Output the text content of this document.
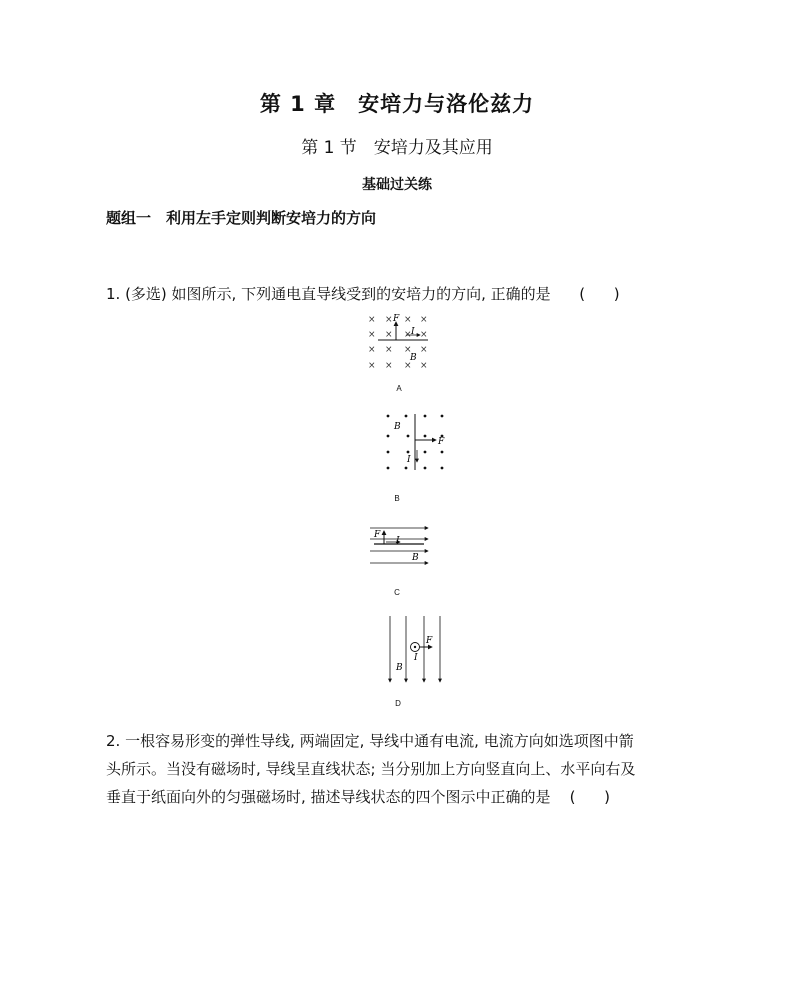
第 1 章　安培力与洛伦兹力
第 1 节　安培力及其应用
基础过关练
题组一　利用左手定则判断安培力的方向
1. (多选) 如图所示, 下列通电直导线受到的安培力的方向, 正确的是      (      )
× × × ×
× × × ×
× × × ×
× × × ×
F
I
B
A
F
I
B
B
F
I
B
C
F
I
B
D

2. 一根容易形变的弹性导线, 两端固定, 导线中通有电流, 电流方向如选项图中箭

头所示。当没有磁场时, 导线呈直线状态; 当分别加上方向竖直向上、水平向右及

垂直于纸面向外的匀强磁场时, 描述导线状态的四个图示中正确的是    (      )
